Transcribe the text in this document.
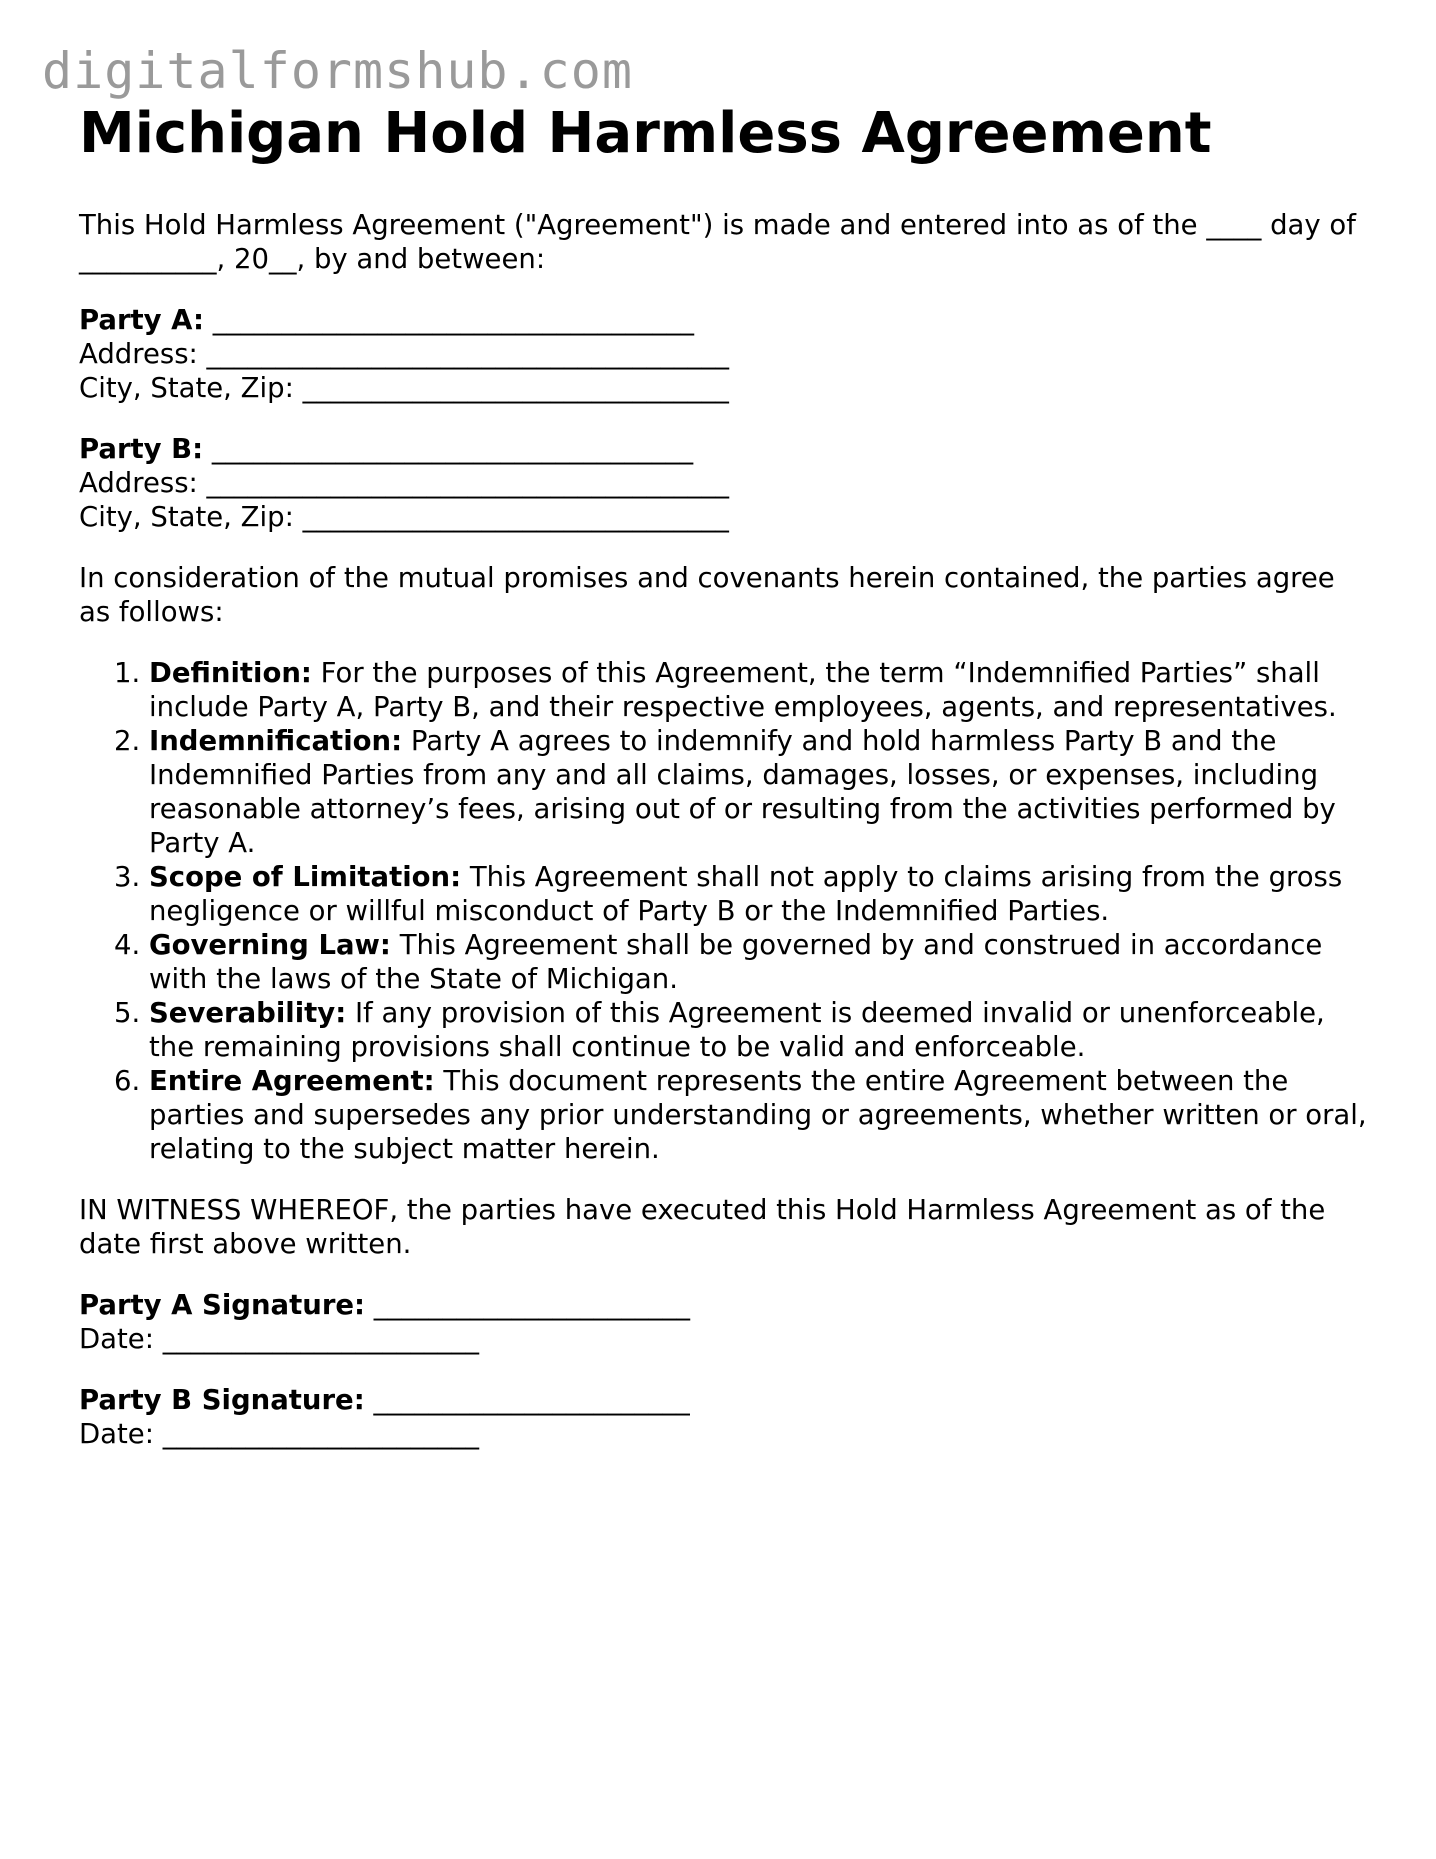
digitalformshub.com
Michigan Hold Harmless Agreement

This Hold Harmless Agreement ("Agreement") is made and entered into as of the ____ day of __________, 20__, by and between:

Party A: ___________________________________
Address: ______________________________________
City, State, Zip: _______________________________
Party B: ___________________________________
Address: ______________________________________
City, State, Zip: _______________________________

In consideration of the mutual promises and covenants herein contained, the parties agree as follows:

1. Definition: For the purposes of this Agreement, the term “Indemnified Parties” shall include Party A, Party B, and their respective employees, agents, and representatives.
2. Indemnification: Party A agrees to indemnify and hold harmless Party B and the Indemnified Parties from any and all claims, damages, losses, or expenses, including reasonable attorney’s fees, arising out of or resulting from the activities performed by Party A.
3. Scope of Limitation: This Agreement shall not apply to claims arising from the gross negligence or willful misconduct of Party B or the Indemnified Parties.
4. Governing Law: This Agreement shall be governed by and construed in accordance with the laws of the State of Michigan.
5. Severability: If any provision of this Agreement is deemed invalid or unenforceable, the remaining provisions shall continue to be valid and enforceable.
6. Entire Agreement: This document represents the entire Agreement between the parties and supersedes any prior understanding or agreements, whether written or oral, relating to the subject matter herein.

IN WITNESS WHEREOF, the parties have executed this Hold Harmless Agreement as of the date first above written.

Party A Signature: _______________________
Date: _______________________
Party B Signature: _______________________
Date: _______________________
